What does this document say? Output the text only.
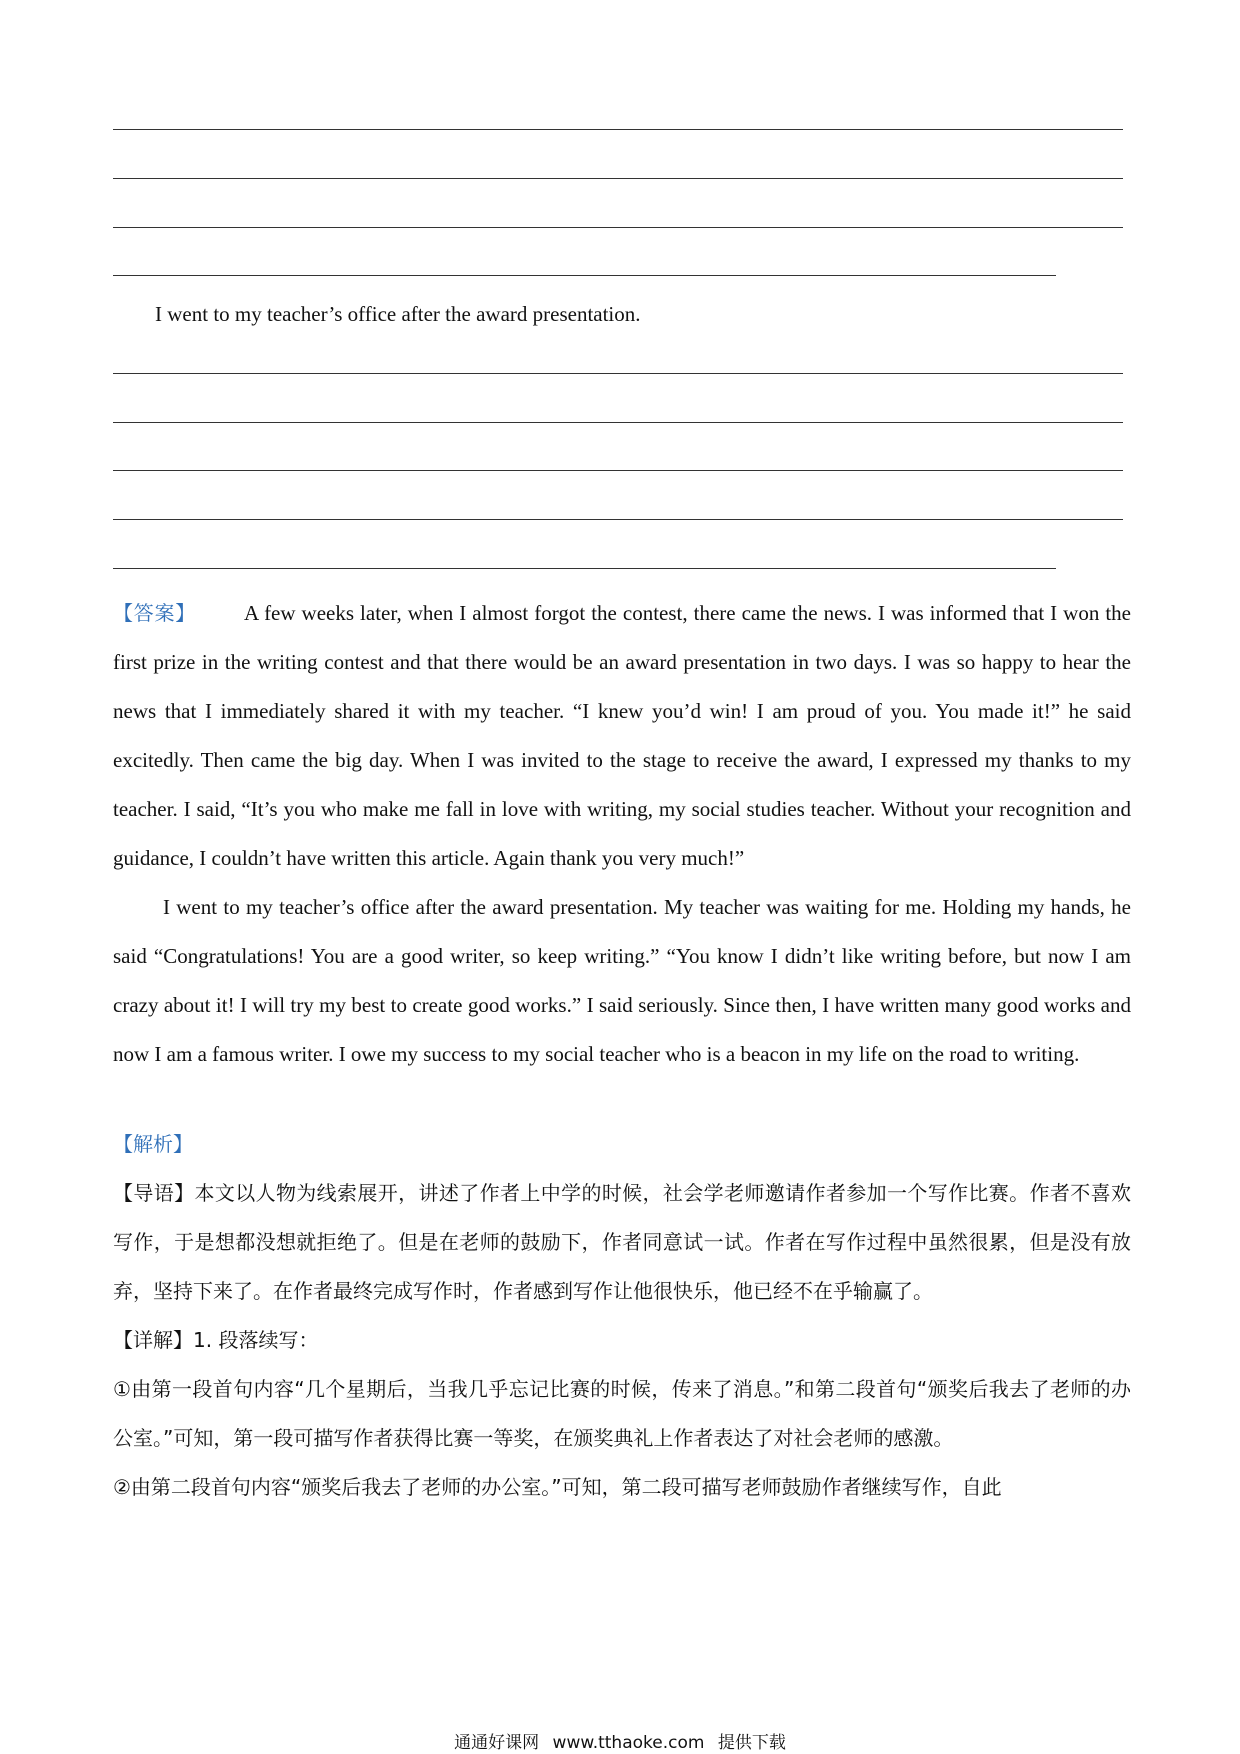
I went to my teacher’s office after the award presentation.

【答案】 A few weeks later, when I almost forgot the contest, there came the news. I was informed that I won the first prize in the writing contest and that there would be an award presentation in two days. I was so happy to hear the news that I immediately shared it with my teacher. “I knew you’d win! I am proud of you. You made it!” he said excitedly. Then came the big day. When I was invited to the stage to receive the award, I expressed my thanks to my teacher. I said, “It’s you who make me fall in love with writing, my social studies teacher. Without your recognition and guidance, I couldn’t have written this article. Again thank you very much!”

I went to my teacher’s office after the award presentation. My teacher was waiting for me. Holding my hands, he said “Congratulations! You are a good writer, so keep writing.” “You know I didn’t like writing before, but now I am crazy about it! I will try my best to create good works.” I said seriously. Since then, I have written many good works and now I am a famous writer. I owe my success to my social teacher who is a beacon in my life on the road to writing.

【解析】

【导语】本文以人物为线索展开，讲述了作者上中学的时候，社会学老师邀请作者参加一个写作比赛。作者不喜欢写作，于是想都没想就拒绝了。但是在老师的鼓励下，作者同意试一试。作者在写作过程中虽然很累，但是没有放弃，坚持下来了。在作者最终完成写作时，作者感到写作让他很快乐，他已经不在乎输赢了。

【详解】1. 段落续写：

①由第一段首句内容“几个星期后，当我几乎忘记比赛的时候，传来了消息。”和第二段首句“颁奖后我去了老师的办公室。”可知，第一段可描写作者获得比赛一等奖，在颁奖典礼上作者表达了对社会老师的感激。

②由第二段首句内容“颁奖后我去了老师的办公室。”可知，第二段可描写老师鼓励作者继续写作，自此

通通好课网 www.tthaoke.com 提供下载
